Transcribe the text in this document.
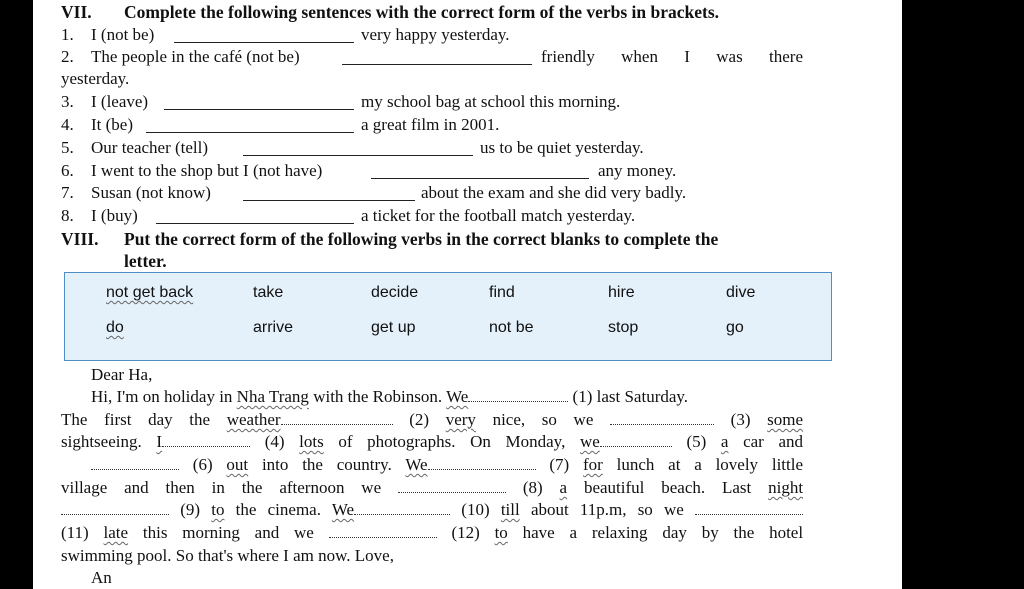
VII. Complete the following sentences with the correct form of the verbs in brackets.
1. I (not be)	very happy yesterday.
2. The people in the café (not be)	friendly when I was there
yesterday.
3. I (leave)	my school bag at school this morning.
4. It (be)	a great film in 2001.
5. Our teacher (tell)	us to be quiet yesterday.
6. I went to the shop but I (not have)	any money.
7. Susan (not know)	about the exam and she did very badly.
8. I (buy)	a ticket for the football match yesterday.
VIII. Put the correct form of the following verbs in the correct blanks to complete the
letter.
not get back	take	decide	find	hire	dive
do	arrive	get up	not be	stop	go
Dear Ha,
Hi, I'm on holiday in Nha Trang with the Robinson. We	(1) last Saturday.
The first day the weather	(2) very nice, so we	(3) some
sightseeing. I	(4) lots of photographs. On Monday, we	(5) a car and
(6) out into the country. We	(7) for lunch at a lovely little
village and then in the afternoon we	(8) a beautiful beach. Last night
(9) to the cinema. We	(10) till about 11p.m, so we
(11) late this morning and we	(12) to have a relaxing day by the hotel
swimming pool. So that's where I am now. Love,
An
